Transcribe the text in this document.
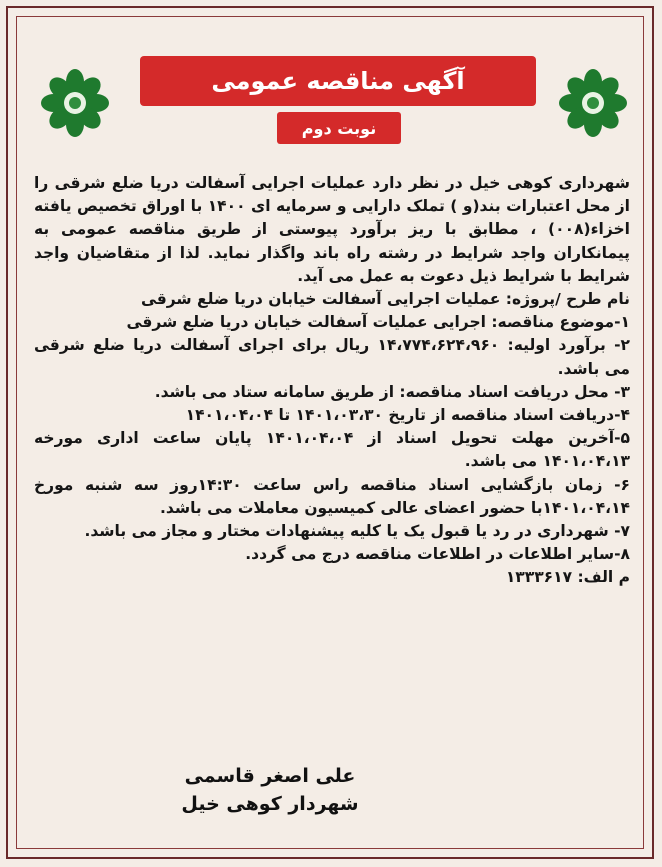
آگهی مناقصه عمومی
نوبت دوم

شهرداری کوهی خیل در نظر دارد عملیات اجرایی آسفالت دریا ضلع شرقی را از محل اعتبارات بند(و ) تملک دارایی و سرمایه ای ۱۴۰۰ با اوراق تخصیص یافته اخزاء(۰۰۸) ، مطابق با ریز برآورد پیوستی از طریق مناقصه عمومی به پیمانکاران واجد شرایط در رشته راه باند واگذار نماید. لذا از متقاضیان واجد شرایط با شرایط ذیل دعوت به عمل می آید.

نام طرح /پروژه: عملیات اجرایی آسفالت خیابان دریا ضلع شرقی

۱-موضوع مناقصه: اجرایی عملیات آسفالت خیابان دریا ضلع شرقی

۲- برآورد اولیه: ۱۴،۷۷۴،۶۲۴،۹۶۰ ریال برای اجرای آسفالت دریا ضلع شرقی می باشد.

۳- محل دریافت اسناد مناقصه: از طریق سامانه ستاد می باشد.

۴-دریافت اسناد مناقصه از تاریخ ۱۴۰۱،۰۳،۳۰ تا ۱۴۰۱،۰۴،۰۴

۵-آخرین مهلت تحویل اسناد از ۱۴۰۱،۰۴،۰۴ پایان ساعت اداری مورخه ۱۴۰۱،۰۴،۱۳ می باشد.

۶- زمان بازگشایی اسناد مناقصه راس ساعت ۱۴:۳۰روز سه شنبه مورخ ۱۴۰۱،۰۴،۱۴با حضور اعضای عالی کمیسیون معاملات می باشد.

۷- شهرداری در رد یا قبول یک یا کلیه پیشنهادات مختار و مجاز می باشد.

۸-سایر اطلاعات در اطلاعات مناقصه درج می گردد.

م الف: ۱۳۳۳۶۱۷

علی اصغر قاسمی
شهردار کوهی خیل
